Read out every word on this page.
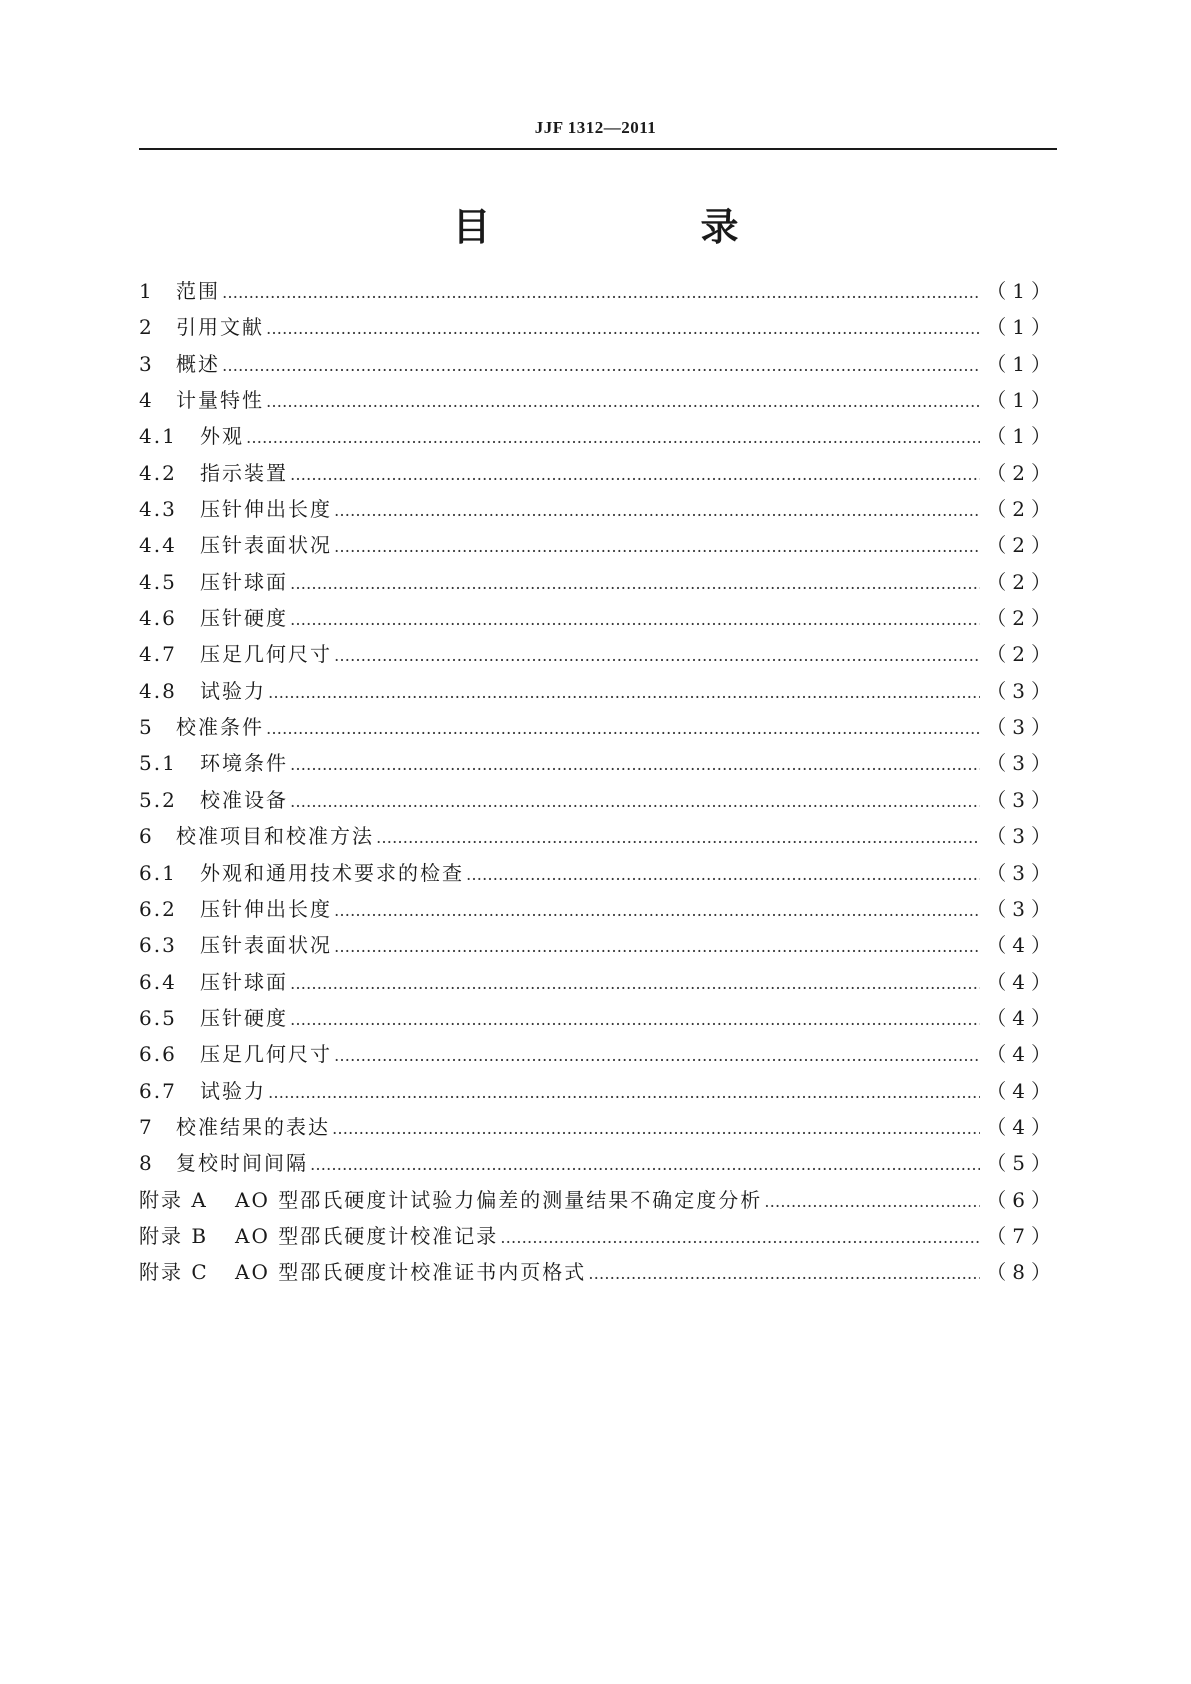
JJF 1312—2011
目　录
1	范围 ……………………………………………………………………………………………………………………………………………………………………………………………………	（1）
2	引用文献 ……………………………………………………………………………………………………………………………………………………………………………………………………	（1）
3	概述 ……………………………………………………………………………………………………………………………………………………………………………………………………	（1）
4	计量特性 ……………………………………………………………………………………………………………………………………………………………………………………………………	（1）
4.1	外观 ……………………………………………………………………………………………………………………………………………………………………………………………………	（1）
4.2	指示装置 ……………………………………………………………………………………………………………………………………………………………………………………………………	（2）
4.3	压针伸出长度 ……………………………………………………………………………………………………………………………………………………………………………………………………	（2）
4.4	压针表面状况 ……………………………………………………………………………………………………………………………………………………………………………………………………	（2）
4.5	压针球面 ……………………………………………………………………………………………………………………………………………………………………………………………………	（2）
4.6	压针硬度 ……………………………………………………………………………………………………………………………………………………………………………………………………	（2）
4.7	压足几何尺寸 ……………………………………………………………………………………………………………………………………………………………………………………………………	（2）
4.8	试验力 ……………………………………………………………………………………………………………………………………………………………………………………………………	（3）
5	校准条件 ……………………………………………………………………………………………………………………………………………………………………………………………………	（3）
5.1	环境条件 ……………………………………………………………………………………………………………………………………………………………………………………………………	（3）
5.2	校准设备 ……………………………………………………………………………………………………………………………………………………………………………………………………	（3）
6	校准项目和校准方法 ……………………………………………………………………………………………………………………………………………………………………………………………………	（3）
6.1	外观和通用技术要求的检查 ……………………………………………………………………………………………………………………………………………………………………………………………………	（3）
6.2	压针伸出长度 ……………………………………………………………………………………………………………………………………………………………………………………………………	（3）
6.3	压针表面状况 ……………………………………………………………………………………………………………………………………………………………………………………………………	（4）
6.4	压针球面 ……………………………………………………………………………………………………………………………………………………………………………………………………	（4）
6.5	压针硬度 ……………………………………………………………………………………………………………………………………………………………………………………………………	（4）
6.6	压足几何尺寸 ……………………………………………………………………………………………………………………………………………………………………………………………………	（4）
6.7	试验力 ……………………………………………………………………………………………………………………………………………………………………………………………………	（4）
7	校准结果的表达 ……………………………………………………………………………………………………………………………………………………………………………………………………	（4）
8	复校时间间隔 ……………………………………………………………………………………………………………………………………………………………………………………………………	（5）
附录 A	AO 型邵氏硬度计试验力偏差的测量结果不确定度分析 ……………………………………………………………………………………………………………………………………………………………………………………………………	（6）
附录 B	AO 型邵氏硬度计校准记录 ……………………………………………………………………………………………………………………………………………………………………………………………………	（7）
附录 C	AO 型邵氏硬度计校准证书内页格式 ……………………………………………………………………………………………………………………………………………………………………………………………………	（8）
